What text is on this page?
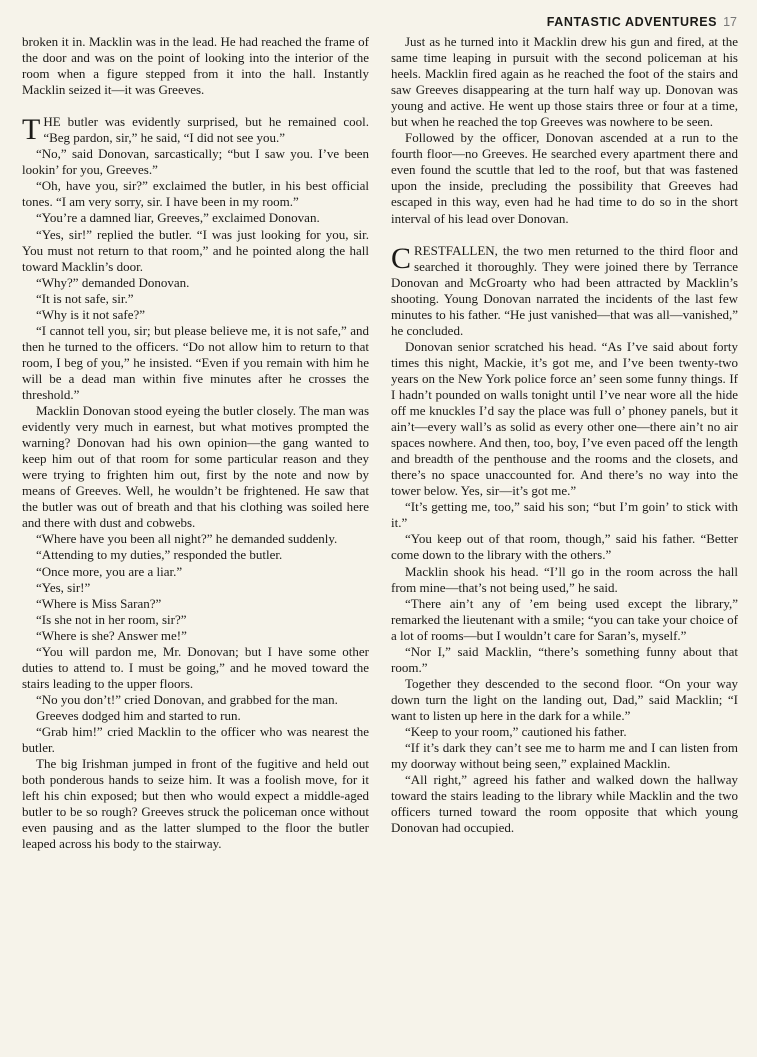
FANTASTIC ADVENTURES 17

broken it in. Macklin was in the lead. He had reached the frame of the door and was on the point of looking into the interior of the room when a figure stepped from it into the hall. Instantly Macklin seized it—it was Greeves.

THE butler was evidently surprised, but he remained cool. “Beg pardon, sir,” he said, “I did not see you.”

“No,” said Donovan, sarcastically; “but I saw you. I’ve been lookin’ for you, Greeves.”

“Oh, have you, sir?” exclaimed the butler, in his best official tones. “I am very sorry, sir. I have been in my room.”

“You’re a damned liar, Greeves,” exclaimed Donovan.

“Yes, sir!” replied the butler. “I was just looking for you, sir. You must not return to that room,” and he pointed along the hall toward Macklin’s door.

“Why?” demanded Donovan.

“It is not safe, sir.”

“Why is it not safe?”

“I cannot tell you, sir; but please believe me, it is not safe,” and then he turned to the officers. “Do not allow him to return to that room, I beg of you,” he insisted. “Even if you remain with him he will be a dead man within five minutes after he crosses the threshold.”

Macklin Donovan stood eyeing the butler closely. The man was evidently very much in earnest, but what motives prompted the warning? Donovan had his own opinion—the gang wanted to keep him out of that room for some particular reason and they were trying to frighten him out, first by the note and now by means of Greeves. Well, he wouldn’t be frightened. He saw that the butler was out of breath and that his clothing was soiled here and there with dust and cobwebs.

“Where have you been all night?” he demanded suddenly.

“Attending to my duties,” responded the butler.

“Once more, you are a liar.”

“Yes, sir!”

“Where is Miss Saran?”

“Is she not in her room, sir?”

“Where is she? Answer me!”

“You will pardon me, Mr. Donovan; but I have some other duties to attend to. I must be going,” and he moved toward the stairs leading to the upper floors.

“No you don’t!” cried Donovan, and grabbed for the man.

Greeves dodged him and started to run.

“Grab him!” cried Macklin to the officer who was nearest the butler.

The big Irishman jumped in front of the fugitive and held out both ponderous hands to seize him. It was a foolish move, for it left his chin exposed; but then who would expect a middle-aged butler to be so rough? Greeves struck the policeman once without even pausing and as the latter slumped to the floor the butler leaped across his body to the stairway.

Just as he turned into it Macklin drew his gun and fired, at the same time leaping in pursuit with the second policeman at his heels. Macklin fired again as he reached the foot of the stairs and saw Greeves disappearing at the turn half way up. Donovan was young and active. He went up those stairs three or four at a time, but when he reached the top Greeves was nowhere to be seen.

Followed by the officer, Donovan ascended at a run to the fourth floor—no Greeves. He searched every apartment there and even found the scuttle that led to the roof, but that was fastened upon the inside, precluding the possibility that Greeves had escaped in this way, even had he had time to do so in the short interval of his lead over Donovan.

CRESTFALLEN, the two men returned to the third floor and searched it thoroughly. They were joined there by Terrance Donovan and McGroarty who had been attracted by Macklin’s shooting. Young Donovan narrated the incidents of the last few minutes to his father. “He just vanished—that was all—vanished,” he concluded.

Donovan senior scratched his head. “As I’ve said about forty times this night, Mackie, it’s got me, and I’ve been twenty-two years on the New York police force an’ seen some funny things. If I hadn’t pounded on walls tonight until I’ve near wore all the hide off me knuckles I’d say the place was full o’ phoney panels, but it ain’t—every wall’s as solid as every other one—there ain’t no air spaces nowhere. And then, too, boy, I’ve even paced off the length and breadth of the penthouse and the rooms and the closets, and there’s no space unaccounted for. And there’s no way into the tower below. Yes, sir—it’s got me.”

“It’s getting me, too,” said his son; “but I’m goin’ to stick with it.”

“You keep out of that room, though,” said his father. “Better come down to the library with the others.”

Macklin shook his head. “I’ll go in the room across the hall from mine—that’s not being used,” he said.

“There ain’t any of ’em being used except the library,” remarked the lieutenant with a smile; “you can take your choice of a lot of rooms—but I wouldn’t care for Saran’s, myself.”

“Nor I,” said Macklin, “there’s something funny about that room.”

Together they descended to the second floor. “On your way down turn the light on the landing out, Dad,” said Macklin; “I want to listen up here in the dark for a while.”

“Keep to your room,” cautioned his father.

“If it’s dark they can’t see me to harm me and I can listen from my doorway without being seen,” explained Macklin.

“All right,” agreed his father and walked down the hallway toward the stairs leading to the library while Macklin and the two officers turned toward the room opposite that which young Donovan had occupied.
